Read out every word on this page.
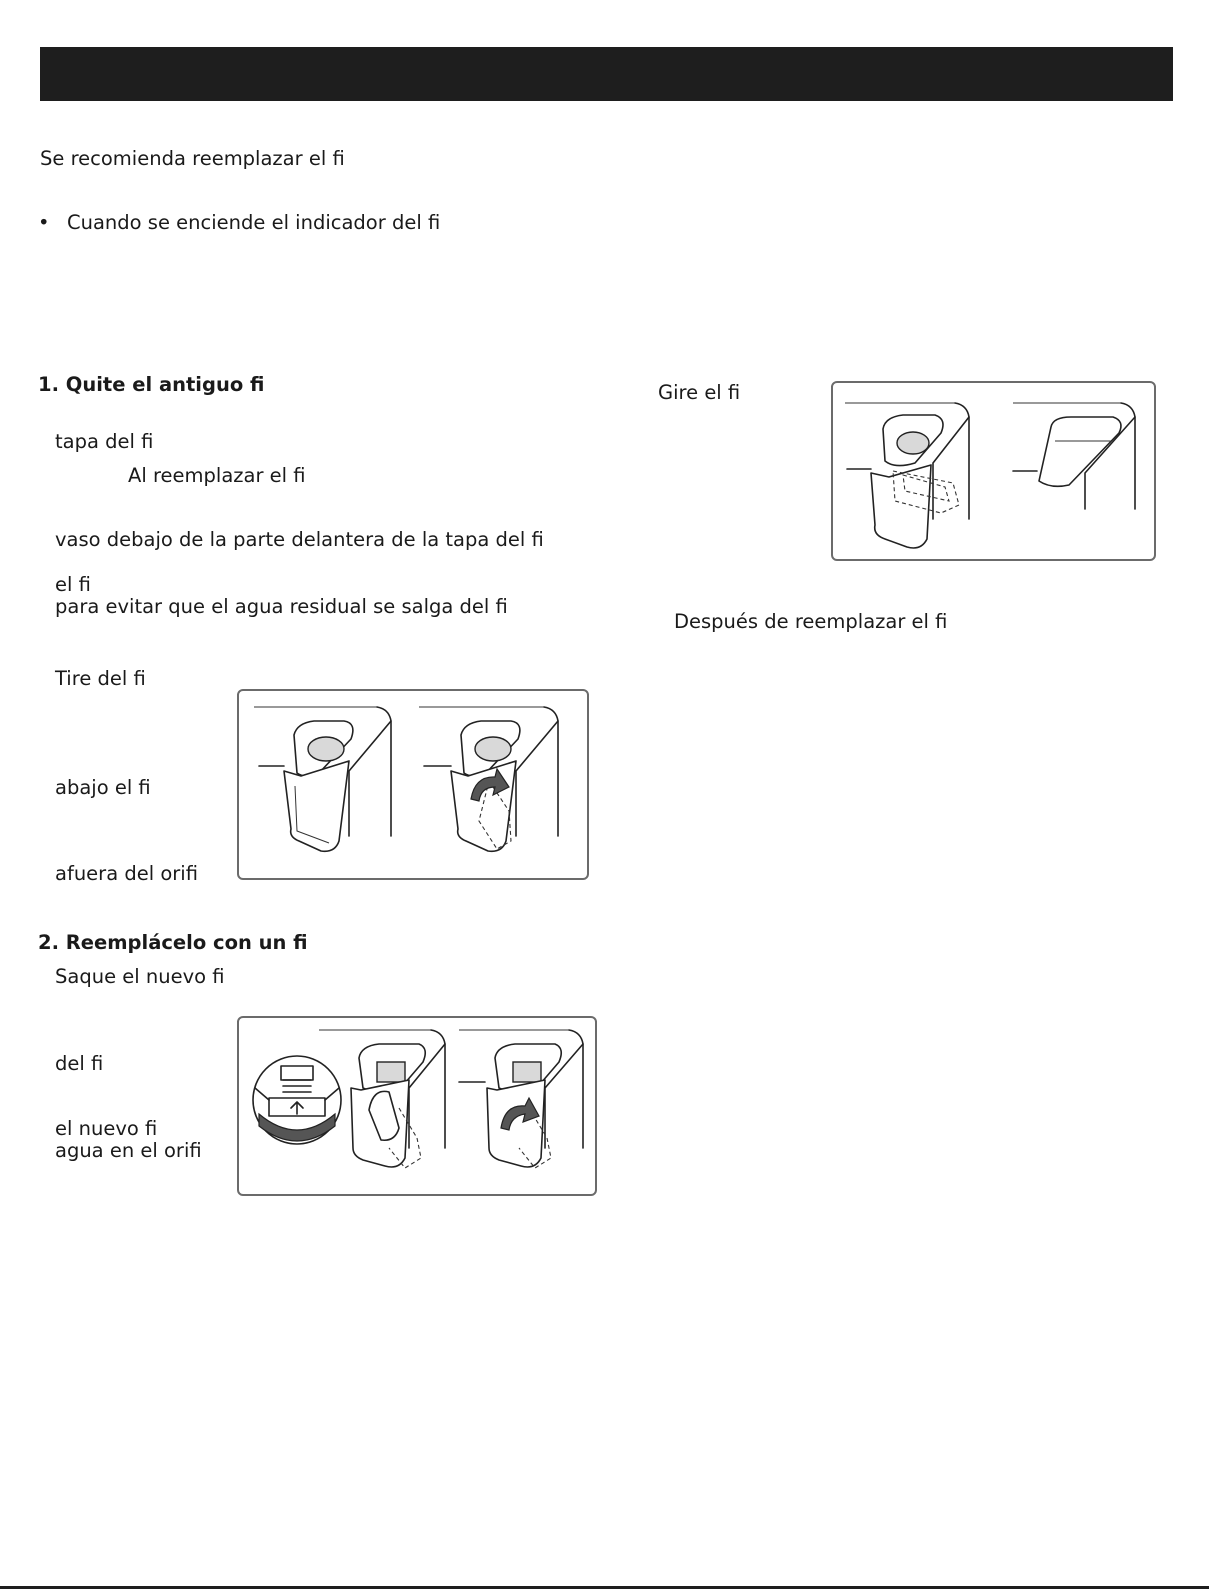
Se recomienda reemplazar el fi
• Cuando se enciende el indicador del fi
1. Quite el antiguo fi
tapa del fi
Al reemplazar el fi
vaso debajo de la parte delantera de la tapa del fi
el fi
para evitar que el agua residual se salga del fi
Tire del fi
abajo el fi
afuera del orifi
2. Reemplácelo con un fi
Saque el nuevo fi
del fi
el nuevo fi
agua en el orifi
Gire el fi
Después de reemplazar el fi
